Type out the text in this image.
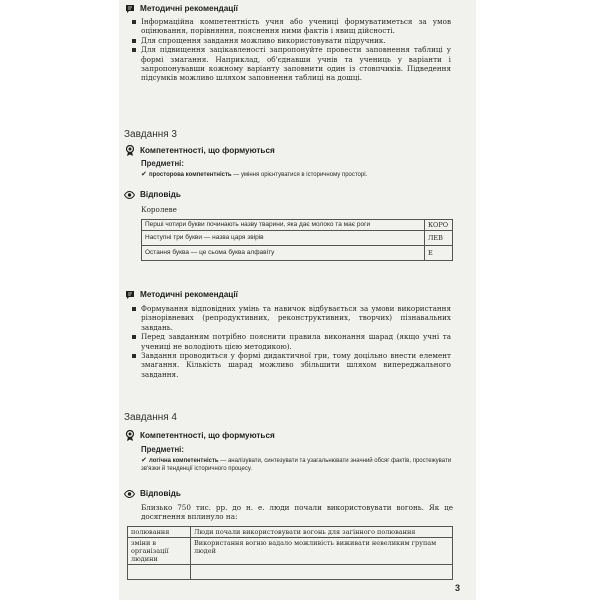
Методичні рекомендації
Інформаційна компетентність учня або учениці формуватиметься за умов оцінювання, порівняння, пояснення ними фактів і явищ дійсності.
Для спрощення завдання можливо використовувати підручник.
Для підвищення зацікавленості запропонуйте провести заповнення таблиці у формі змагання. Наприклад, об'єднавши учнів та учениць у варіанти і запропонувавши кожному варіанту заповнити один із стовпчиків. Підведення підсумків можливо шляхом заповнення таблиці на дошці.
Завдання 3
Компетентності, що формуються
Предметні:
✔ просторова компетентність — уміння орієнтуватися в історичному просторі.
Відповідь
Королеве
Перші чотири букви починають назву тварини, яка дає молоко та має роги	КОРО
Наступні три букви — назва царя звірів	ЛЕВ
Остання буква — це сьома буква алфавіту	Е
Методичні рекомендації
Формування відповідних умінь та навичок відбувається за умови використання різнорівневих (репродуктивних, реконструктивних, творчих) пізнавальних завдань.
Перед завданням потрібно пояснити правила виконання шарад (якщо учні та учениці не володіють цією методикою).
Завдання проводиться у формі дидактичної гри, тому доцільно внести елемент змагання. Кількість шарад можливо збільшити шляхом випереджального завдання.
Завдання 4
Компетентності, що формуються
Предметні:
✔ логічна компетентність — аналізувати, синтезувати та узагальнювати значний обсяг фактів, простежувати зв'язки й тенденції історичного процесу.
Відповідь
Близько 750 тис. рр. до н. е. люди почали використовувати вогонь. Як це досягнення вплинуло на:
полювання	Люди почали використовувати вогонь для загінного полювання
зміни в організації людини	Використання вогню вадало можливість виживати невеликим групам людей

3
